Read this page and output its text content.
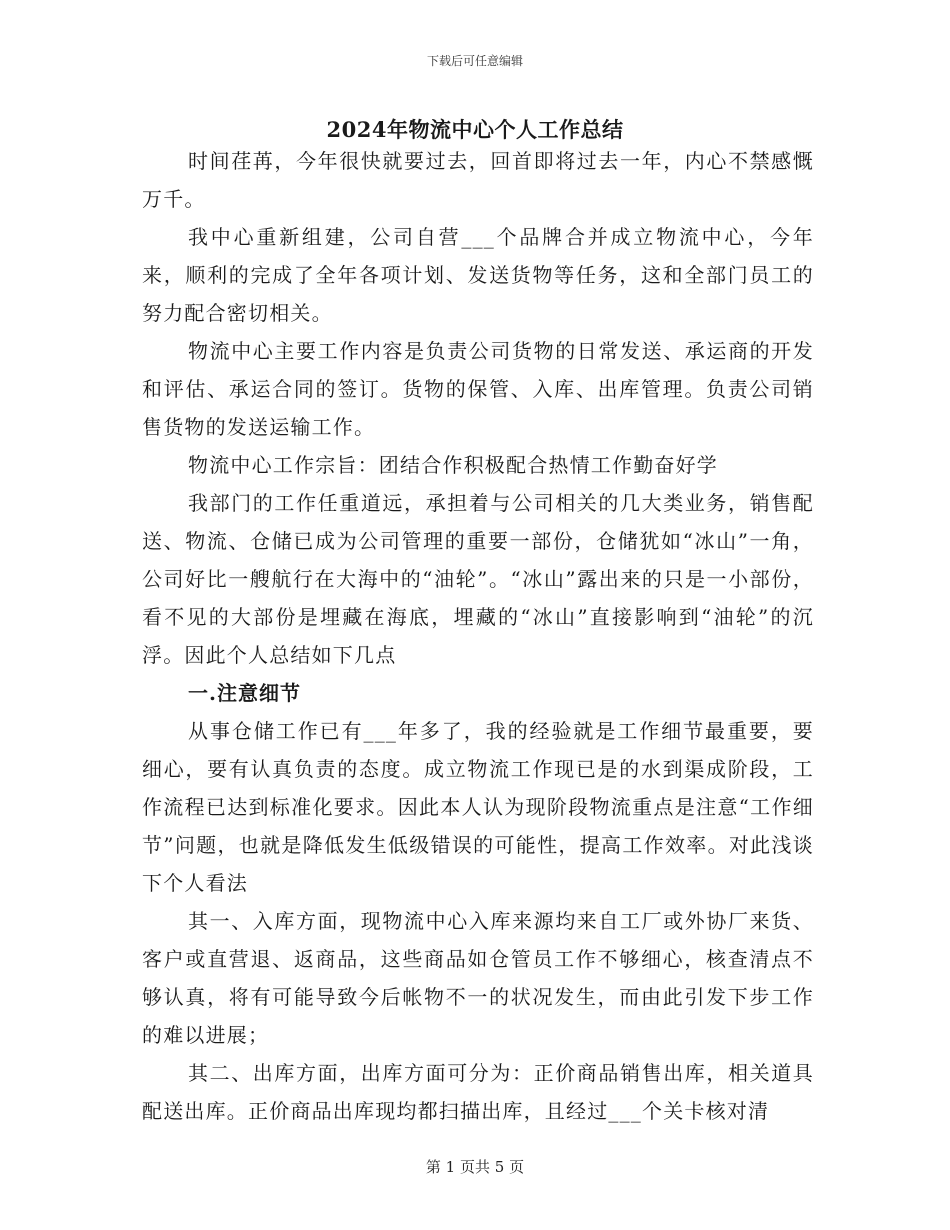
下载后可任意编辑
2024年物流中心个人工作总结

时间荏苒，今年很快就要过去，回首即将过去一年，内心不禁感慨万千。

我中心重新组建，公司自营___个品牌合并成立物流中心，今年来，顺利的完成了全年各项计划、发送货物等任务，这和全部门员工的努力配合密切相关。

物流中心主要工作内容是负责公司货物的日常发送、承运商的开发和评估、承运合同的签订。货物的保管、入库、出库管理。负责公司销售货物的发送运输工作。

物流中心工作宗旨：团结合作积极配合热情工作勤奋好学

我部门的工作任重道远，承担着与公司相关的几大类业务，销售配送、物流、仓储已成为公司管理的重要一部份，仓储犹如“冰山”一角，公司好比一艘航行在大海中的“油轮”。“冰山”露出来的只是一小部份，看不见的大部份是埋藏在海底，埋藏的“冰山”直接影响到“油轮”的沉浮。因此个人总结如下几点

一.注意细节

从事仓储工作已有___年多了，我的经验就是工作细节最重要，要细心，要有认真负责的态度。成立物流工作现已是的水到渠成阶段，工作流程已达到标准化要求。因此本人认为现阶段物流重点是注意“工作细节”问题，也就是降低发生低级错误的可能性，提高工作效率。对此浅谈下个人看法

其一、入库方面，现物流中心入库来源均来自工厂或外协厂来货、客户或直营退、返商品，这些商品如仓管员工作不够细心，核查清点不够认真，将有可能导致今后帐物不一的状况发生，而由此引发下步工作的难以进展；

其二、出库方面，出库方面可分为：正价商品销售出库，相关道具配送出库。正价商品出库现均都扫描出库，且经过___个关卡核对清

第 1 页共 5 页
